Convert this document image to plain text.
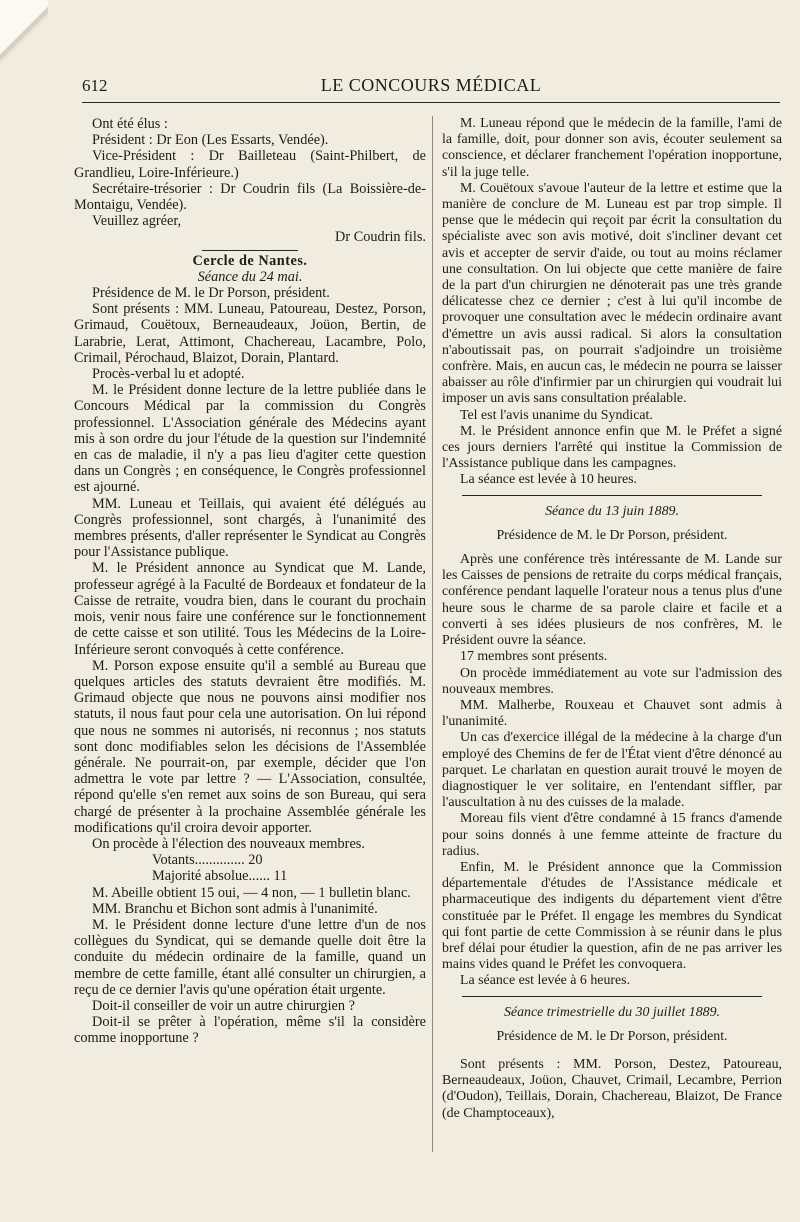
612	LE CONCOURS MÉDICAL

Ont été élus :

Président : Dr Eon (Les Essarts, Vendée).

Vice-Président : Dr Bailleteau (Saint-Philbert, de Grandlieu, Loire-Inférieure.)

Secrétaire-trésorier : Dr Coudrin fils (La Boissière-de-Montaigu, Vendée).

Veuillez agréer,

Dr Coudrin fils.

Cercle de Nantes.

Séance du 24 mai.

Présidence de M. le Dr Porson, président.

Sont présents : MM. Luneau, Patoureau, Destez, Porson, Grimaud, Couëtoux, Berneaudeaux, Joüon, Bertin, de Larabrie, Lerat, Attimont, Chachereau, Lacambre, Polo, Crimail, Pérochaud, Blaizot, Dorain, Plantard.

Procès-verbal lu et adopté.

M. le Président donne lecture de la lettre publiée dans le Concours Médical par la commission du Congrès professionnel. L'Association générale des Médecins ayant mis à son ordre du jour l'étude de la question sur l'indemnité en cas de maladie, il n'y a pas lieu d'agiter cette question dans un Congrès ; en conséquence, le Congrès professionnel est ajourné.

MM. Luneau et Teillais, qui avaient été délégués au Congrès professionnel, sont chargés, à l'unanimité des membres présents, d'aller représenter le Syndicat au Congrès pour l'Assistance publique.

M. le Président annonce au Syndicat que M. Lande, professeur agrégé à la Faculté de Bordeaux et fondateur de la Caisse de retraite, voudra bien, dans le courant du prochain mois, venir nous faire une conférence sur le fonctionnement de cette caisse et son utilité. Tous les Médecins de la Loire-Inférieure seront convoqués à cette conférence.

M. Porson expose ensuite qu'il a semblé au Bureau que quelques articles des statuts devraient être modifiés. M. Grimaud objecte que nous ne pouvons ainsi modifier nos statuts, il nous faut pour cela une autorisation. On lui répond que nous ne sommes ni autorisés, ni reconnus ; nos statuts sont donc modifiables selon les décisions de l'Assemblée générale. Ne pourrait-on, par exemple, décider que l'on admettra le vote par lettre ? — L'Association, consultée, répond qu'elle s'en remet aux soins de son Bureau, qui sera chargé de présenter à la prochaine Assemblée générale les modifications qu'il croira devoir apporter.

On procède à l'élection des nouveaux membres.

Votants.............. 20

Majorité absolue...... 11

M. Abeille obtient 15 oui, — 4 non, — 1 bulletin blanc.

MM. Branchu et Bichon sont admis à l'unanimité.

M. le Président donne lecture d'une lettre d'un de nos collègues du Syndicat, qui se demande quelle doit être la conduite du médecin ordinaire de la famille, quand un membre de cette famille, étant allé consulter un chirurgien, a reçu de ce dernier l'avis qu'une opération était urgente.

Doit-il conseiller de voir un autre chirurgien ?

Doit-il se prêter à l'opération, même s'il la considère comme inopportune ?

M. Luneau répond que le médecin de la famille, l'ami de la famille, doit, pour donner son avis, écouter seulement sa conscience, et déclarer franchement l'opération inopportune, s'il la juge telle.

M. Couëtoux s'avoue l'auteur de la lettre et estime que la manière de conclure de M. Luneau est par trop simple. Il pense que le médecin qui reçoit par écrit la consultation du spécialiste avec son avis motivé, doit s'incliner devant cet avis et accepter de servir d'aide, ou tout au moins réclamer une consultation. On lui objecte que cette manière de faire de la part d'un chirurgien ne dénoterait pas une très grande délicatesse chez ce dernier ; c'est à lui qu'il incombe de provoquer une consultation avec le médecin ordinaire avant d'émettre un avis aussi radical. Si alors la consultation n'aboutissait pas, on pourrait s'adjoindre un troisième confrère. Mais, en aucun cas, le médecin ne pourra se laisser abaisser au rôle d'infirmier par un chirurgien qui voudrait lui imposer un avis sans consultation préalable.

Tel est l'avis unanime du Syndicat.

M. le Président annonce enfin que M. le Préfet a signé ces jours derniers l'arrêté qui institue la Commission de l'Assistance publique dans les campagnes.

La séance est levée à 10 heures.

Séance du 13 juin 1889.

Présidence de M. le Dr Porson, président.

Après une conférence très intéressante de M. Lande sur les Caisses de pensions de retraite du corps médical français, conférence pendant laquelle l'orateur nous a tenus plus d'une heure sous le charme de sa parole claire et facile et a converti à ses idées plusieurs de nos confrères, M. le Président ouvre la séance.

17 membres sont présents.

On procède immédiatement au vote sur l'admission des nouveaux membres.

MM. Malherbe, Rouxeau et Chauvet sont admis à l'unanimité.

Un cas d'exercice illégal de la médecine à la charge d'un employé des Chemins de fer de l'État vient d'être dénoncé au parquet. Le charlatan en question aurait trouvé le moyen de diagnostiquer le ver solitaire, en l'entendant siffler, par l'auscultation à nu des cuisses de la malade.

Moreau fils vient d'être condamné à 15 francs d'amende pour soins donnés à une femme atteinte de fracture du radius.

Enfin, M. le Président annonce que la Commission départementale d'études de l'Assistance médicale et pharmaceutique des indigents du département vient d'être constituée par le Préfet. Il engage les membres du Syndicat qui font partie de cette Commission à se réunir dans le plus bref délai pour étudier la question, afin de ne pas arriver les mains vides quand le Préfet les convoquera.

La séance est levée à 6 heures.

Séance trimestrielle du 30 juillet 1889.

Présidence de M. le Dr Porson, président.

Sont présents : MM. Porson, Destez, Patoureau, Berneaudeaux, Joüon, Chauvet, Crimail, Lecambre, Perrion (d'Oudon), Teillais, Dorain, Chachereau, Blaizot, De France (de Champtoceaux),
